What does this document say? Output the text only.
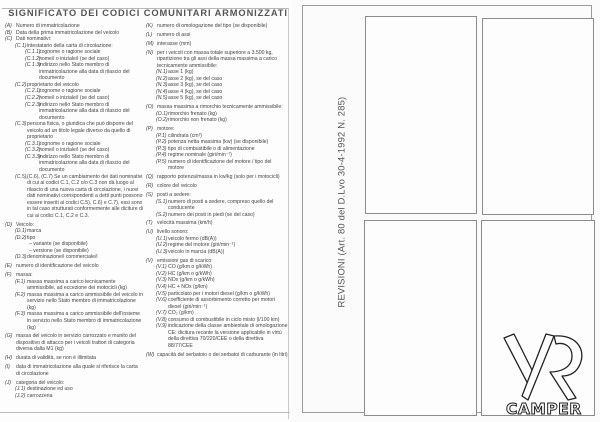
SIGNIFICATO DEI CODICI COMUNITARI ARMONIZZATI
(A) Numero di immatricolazione
(B) Data della prima immatricolazione del veicolo
(C) Dati nominativi:
(C.1) intestatario della carta di circolazione:
(C.1.1)
cognome o ragione sociale
(C.1.2)
nome/i o iniziale/i (se del caso)
(C.1.3)
indirizzo nello Stato membro di immatricolazione alla data di rilascio del documento
(C.2) proprietario del veicolo
(C.2.1)
cognome o ragione sociale
(C.2.2)
nome/i o iniziale/i (se del caso)
(C.2.3)
indirizzo nello Stato membro di immatricolazione alla data di rilascio del documento
(C.3) persona fisica, o giuridica che può disporre del veicolo ad un titolo legale diverso da quello di proprietario
(C.3.1)
cognome o ragione sociale
(C.3.2)
nome/i o iniziale/i (se del caso)
(C.3.3)
indirizzo nello Stato membro di immatricolazione alla data di rilascio del documento
(C.5), (C.6), (C.7) Se un cambiamento dei dati nominativi di cui ai codici C.1, C.2 o/o C.3 non dà luogo al rilascio di una nuova carta di circolazione, i nuovi dati nominativi corrispondenti a detti punti possono essere inseriti ai codici C.5), C.6) e C.7), essi sono in tal caso strutturati conformemente alle diciture di cui ai codici C.1, C.2 e C.3.
(D) Veicolo:
(D.1) marca
(D.2) tipo
– variante (se disponibile)
– versione (se disponibile)
(D.3) denominazione/i commerciale/i
(E) numero di identificazione del veicolo
(F) massa:
(F.1) massa massima a carico tecnicamente ammissibile, ad eccezione dei motocicli (kg)
(F.2) massa massima a carico ammissibile del veicolo in servizio nello Stato membro di immatricolazione (kg)
(F.3) massa massima a carico ammissibile dell'insieme in servizio nello Stato membro di immatricolazione (kg)
(G) massa del veicolo in servizio carrozzato e munito del dispositivo di attacco per i veicoli trattori di categoria diversa dalla M1 (kg)
(H) durata di validità, se non è illimitata
(I) data di immatricolazione alla quale si riferisce la carta di circolazione
(J) categoria del veicolo:
(J.1) destinazione ed uso
(J.2) carrozzeria
(K) numero di omologazione del tipo (se disponibile)
(L) numero di assi
(M) interasse (mm)
(N) per i veicoli con massa totale superiore a 3.500 kg, ripartizione tra gli assi della massa massima a carico tecnicamente ammissibile:
(N.1) asse 1 (kg)
(N.2) asse 2 (kg), se del caso
(N.3) asse 3 (kg), se del caso
(N.4) asse 4 (kg), se del caso
(N.5) asse 5 (kg), se del caso
(O) massa massima a rimorchio tecnicamente ammissibile:
(O.1) rimorchio frenato (kg)
(O.2) rimorchio non frenato (kg)
(P) motore:
(P.1) cilindrata (cm³)
(P.2) potenza netta massima (kw) (se disponibile)
(P.3) tipo di combustibile o di alimentazione
(P.4) regime nominale (giri/min⁻¹)
(P.5) numero di identificazione del motore / tipo del motore
(Q) rapporto potenza/massa in kw/kg (solo per i motocicli)
(R) colore del veicolo
(S) posti a sedere:
(S.1) numero di posti a sedere, compreso quello del conducente
(S.2) numero dei posti in piedi (se del caso)
(T) velocità massima (km/h)
(U) livello sonoro:
(U.1) veicolo fermo (dB(A))
(U.2) regime del motore (giri/min⁻¹)
(U.3) veicolo in marcia (dB(A))
(V) emissioni gas di scarico:
(V.1) CO (g/km o g/kWh)
(V.2) HC (g/km o g/kWh)
(V.3) NOx (g/km o g/kWh)
(V.4) HC + NOx (g/km)
(V.5) particolato per i motori diesel (g/km o g/kWh)
(V.6) coefficiente di assorbimento corretto per motori diesel (giri/min⁻¹)
(V.7) CO₂ (g/km)
(V.8) consumo di combustibile in ciclo misto (l/100 km)
(V.9) indicazione della classe ambientale di omologazione CE: dicitura recante la versione applicabile in virtù della direttiva 70/220/CEE o della direttiva 88/77/CEE
(W) capacità del serbatoio o dei serbatoi di carburante (in litri)
REVISIONI (Art. 80 del D.Lvo 30-4-1992 N. 285)
CAMPER
